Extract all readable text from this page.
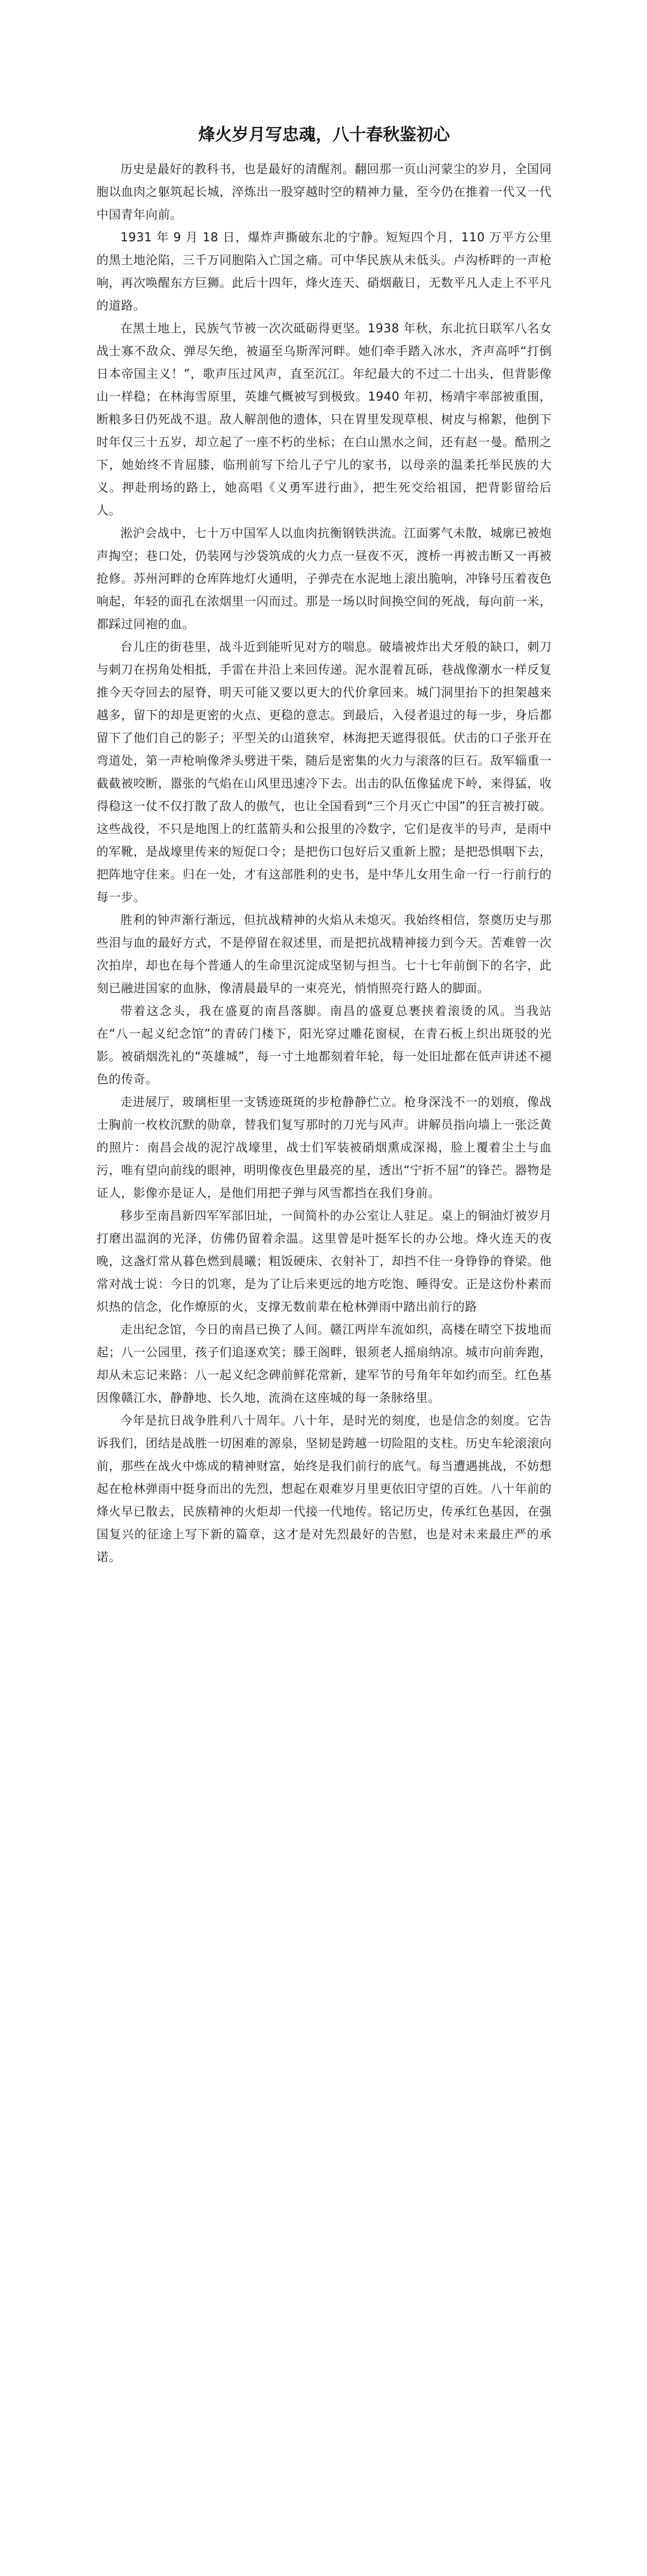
烽火岁月写忠魂，八十春秋鉴初心

历史是最好的教科书，也是最好的清醒剂。翻回那一页山河蒙尘的岁月，全国同胞以血肉之躯筑起长城，淬炼出一股穿越时空的精神力量，至今仍在推着一代又一代中国青年向前。

1931 年 9 月 18 日，爆炸声撕破东北的宁静。短短四个月，110 万平方公里的黑土地沦陷，三千万同胞陷入亡国之痛。可中华民族从未低头。卢沟桥畔的一声枪响，再次唤醒东方巨狮。此后十四年，烽火连天、硝烟蔽日，无数平凡人走上不平凡的道路。

在黑土地上，民族气节被一次次砥砺得更坚。1938 年秋，东北抗日联军八名女战士寡不敌众、弹尽矢绝，被逼至乌斯浑河畔。她们牵手踏入冰水，齐声高呼“打倒日本帝国主义！”，歌声压过风声，直至沉江。年纪最大的不过二十出头，但背影像山一样稳；在林海雪原里，英雄气概被写到极致。1940 年初，杨靖宇率部被重围，断粮多日仍死战不退。敌人解剖他的遗体，只在胃里发现草根、树皮与棉絮，他倒下时年仅三十五岁，却立起了一座不朽的坐标；在白山黑水之间，还有赵一曼。酷刑之下，她始终不肯屈膝，临刑前写下给儿子宁儿的家书，以母亲的温柔托举民族的大义。押赴刑场的路上，她高唱《义勇军进行曲》，把生死交给祖国，把背影留给后人。

淞沪会战中，七十万中国军人以血肉抗衡钢铁洪流。江面雾气未散，城廓已被炮声掏空；巷口处，仍装网与沙袋筑成的火力点一昼夜不灭，渡桥一再被击断又一再被抢修。苏州河畔的仓库阵地灯火通明，子弹壳在水泥地上滚出脆响，冲锋号压着夜色响起，年轻的面孔在浓烟里一闪而过。那是一场以时间换空间的死战，每向前一米，都踩过同袍的血。

台儿庄的街巷里，战斗近到能听见对方的喘息。破墙被炸出犬牙般的缺口，刺刀与刺刀在拐角处相抵，手雷在井沿上来回传递。泥水混着瓦砾，巷战像潮水一样反复推今天夺回去的屋脊，明天可能又要以更大的代价拿回来。城门洞里抬下的担架越来越多，留下的却是更密的火点、更稳的意志。到最后，入侵者退过的每一步，身后都留下了他们自己的影子；平型关的山道狭窄，林海把天遮得很低。伏击的口子张开在弯道处，第一声枪响像斧头劈进干柴，随后是密集的火力与滚落的巨石。敌军辎重一截截被咬断，嚣张的气焰在山风里迅速冷下去。出击的队伍像猛虎下岭，来得猛，收得稳这一仗不仅打散了敌人的傲气，也让全国看到“三个月灭亡中国”的狂言被打破。这些战役，不只是地图上的红蓝箭头和公报里的冷数字，它们是夜半的号声，是雨中的军靴，是战壕里传来的短促口令；是把伤口包好后又重新上膛；是把恐惧咽下去，把阵地守住来。归在一处，才有这部胜利的史书，是中华儿女用生命一行一行前行的每一步。

胜利的钟声渐行渐远，但抗战精神的火焰从未熄灭。我始终相信，祭奠历史与那些泪与血的最好方式，不是停留在叙述里，而是把抗战精神接力到今天。苦难曾一次次拍岸，却也在每个普通人的生命里沉淀成坚韧与担当。七十七年前倒下的名字，此刻已融进国家的血脉，像清晨最早的一束亮光，悄悄照亮行路人的脚面。

带着这念头，我在盛夏的南昌落脚。南昌的盛夏总裹挟着滚烫的风。当我站在“八一起义纪念馆”的青砖门楼下，阳光穿过雕花窗棂，在青石板上织出斑驳的光影。被硝烟洗礼的“英雄城”，每一寸土地都刻着年轮，每一处旧址都在低声讲述不褪色的传奇。

走进展厅，玻璃柜里一支锈迹斑斑的步枪静静伫立。枪身深浅不一的划痕，像战士胸前一枚枚沉默的勋章，替我们复写那时的刀光与风声。讲解员指向墙上一张泛黄的照片：南昌会战的泥泞战壕里，战士们军装被硝烟熏成深褐，脸上覆着尘土与血污，唯有望向前线的眼神，明明像夜色里最亮的星，透出“宁折不屈”的锋芒。器物是证人，影像亦是证人，是他们用把子弹与风雪都挡在我们身前。

移步至南昌新四军军部旧址，一间简朴的办公室让人驻足。桌上的铜油灯被岁月打磨出温润的光泽，仿佛仍留着余温。这里曾是叶挺军长的办公地。烽火连天的夜晚，这盏灯常从暮色燃到晨曦；粗饭硬床、衣射补丁，却挡不住一身铮铮的脊梁。他常对战士说：今日的饥寒，是为了让后来更远的地方吃饱、睡得安。正是这份朴素而炽热的信念，化作燎原的火，支撑无数前辈在枪林弹雨中踏出前行的路

走出纪念馆，今日的南昌已换了人间。赣江两岸车流如织，高楼在晴空下拔地而起；八一公园里，孩子们追逐欢笑；滕王阁畔，银须老人摇扇纳凉。城市向前奔跑，却从未忘记来路：八一起义纪念碑前鲜花常新，建军节的号角年年如约而至。红色基因像赣江水，静静地、长久地，流淌在这座城的每一条脉络里。

今年是抗日战争胜利八十周年。八十年，是时光的刻度，也是信念的刻度。它告诉我们，团结是战胜一切困难的源泉，坚韧是跨越一切险阻的支柱。历史车轮滚滚向前，那些在战火中炼成的精神财富，始终是我们前行的底气。每当遭遇挑战，不妨想起在枪林弹雨中挺身而出的先烈，想起在艰难岁月里更依旧守望的百姓。八十年前的烽火早已散去，民族精神的火炬却一代接一代地传。铭记历史，传承红色基因，在强国复兴的征途上写下新的篇章，这才是对先烈最好的告慰，也是对未来最庄严的承诺。
